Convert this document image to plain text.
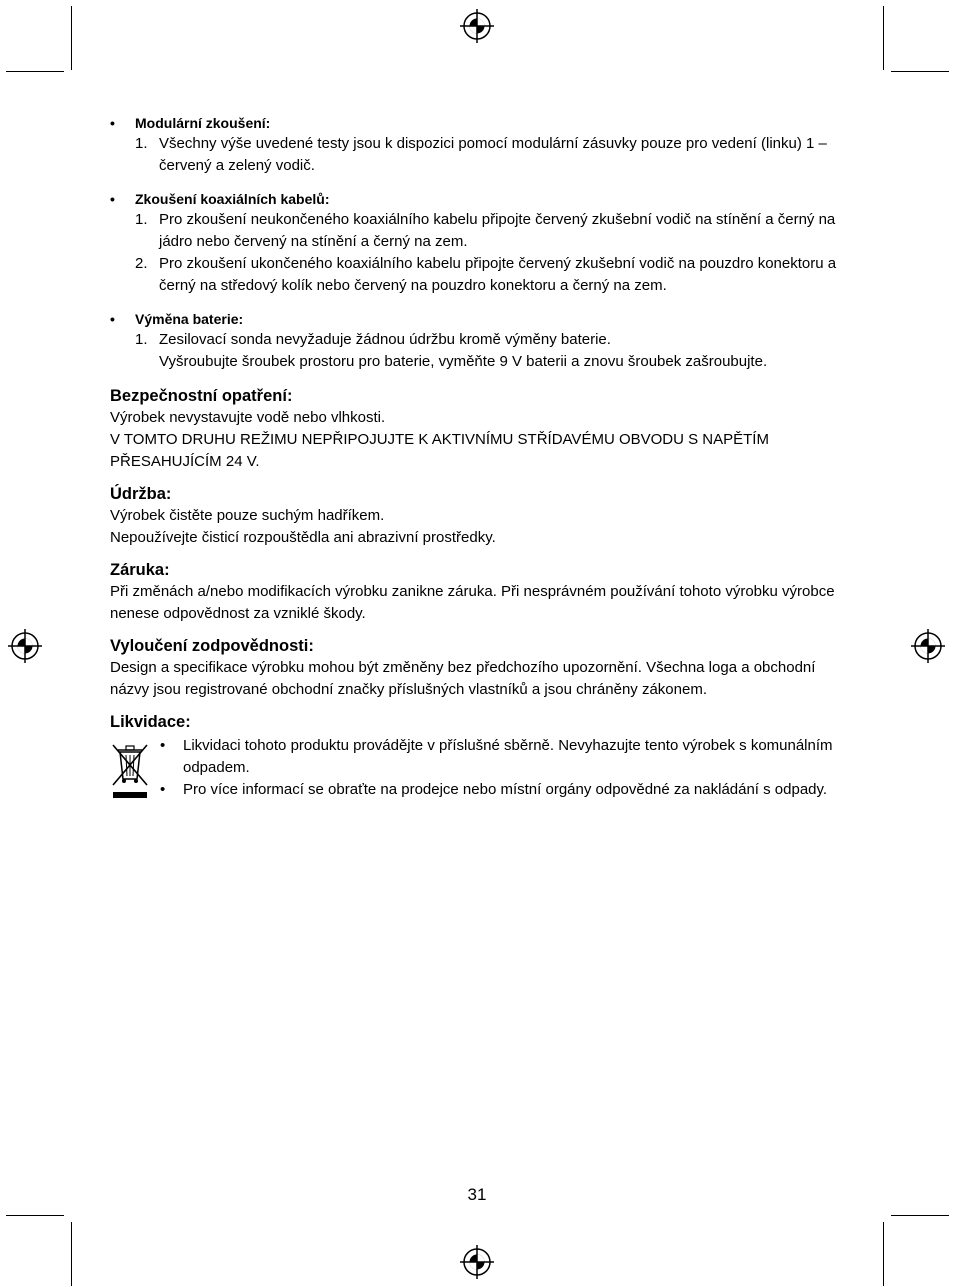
• Modulární zkoušení:
1. Všechny výše uvedené testy jsou k dispozici pomocí modulární zásuvky pouze pro vedení (linku) 1 – červený a zelený vodič.
• Zkoušení koaxiálních kabelů:
1. Pro zkoušení neukončeného koaxiálního kabelu připojte červený zkušební vodič na stínění a černý na jádro nebo červený na stínění a černý na zem.
2. Pro zkoušení ukončeného koaxiálního kabelu připojte červený zkušební vodič na pouzdro konektoru a černý na středový kolík nebo červený na pouzdro konektoru a černý na zem.
• Výměna baterie:
1. Zesilovací sonda nevyžaduje žádnou údržbu kromě výměny baterie.
Vyšroubujte šroubek prostoru pro baterie, vyměňte 9 V baterii a znovu šroubek zašroubujte.
Bezpečnostní opatření:

Výrobek nevystavujte vodě nebo vlhkosti.

V TOMTO DRUHU REŽIMU NEPŘIPOJUJTE K AKTIVNÍMU STŘÍDAVÉMU OBVODU S NAPĚTÍM PŘESAHUJÍCÍM 24 V.

Údržba:

Výrobek čistěte pouze suchým hadříkem.

Nepoužívejte čisticí rozpouštědla ani abrazivní prostředky.

Záruka:

Při změnách a/nebo modifikacích výrobku zanikne záruka. Při nesprávném používání tohoto výrobku výrobce nenese odpovědnost za vzniklé škody.

Vyloučení zodpovědnosti:

Design a specifikace výrobku mohou být změněny bez předchozího upozornění. Všechna loga a obchodní názvy jsou registrované obchodní značky příslušných vlastníků a jsou chráněny zákonem.

Likvidace:
• Likvidaci tohoto produktu provádějte v příslušné sběrně. Nevyhazujte tento výrobek s komunálním odpadem.
• Pro více informací se obraťte na prodejce nebo místní orgány odpovědné za nakládání s odpady.
31
